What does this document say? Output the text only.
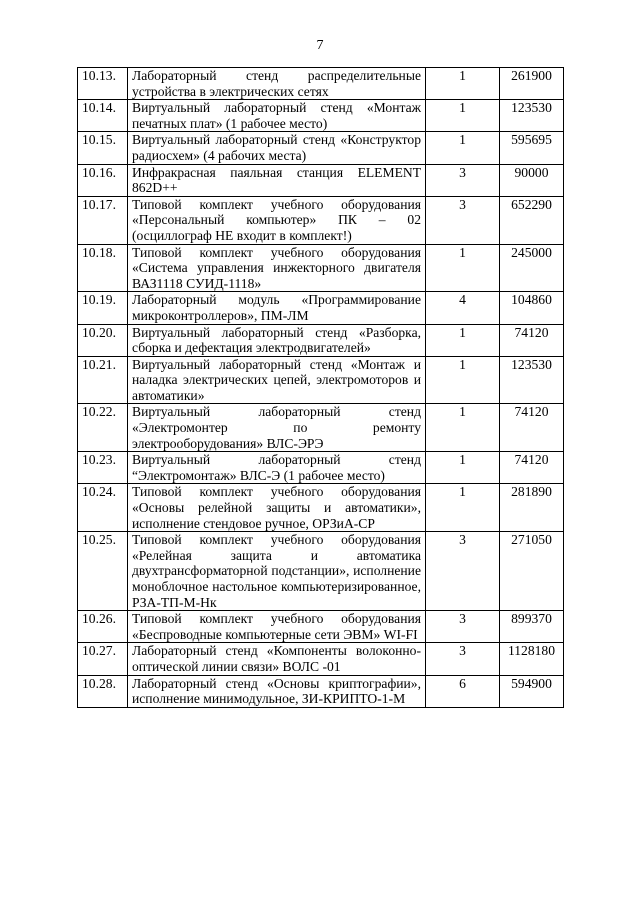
7
10.13.	Лабораторный стенд распределительные устройства в электрических сетях	1	261900
10.14.	Виртуальный лабораторный стенд «Монтаж печатных плат» (1 рабочее место)	1	123530
10.15.	Виртуальный лабораторный стенд «Конструктор радиосхем» (4 рабочих места)	1	595695
10.16.	Инфракрасная паяльная станция ELEMENT 862D++	3	90000
10.17.	Типовой комплект учебного оборудования «Персональный компьютер» ПК – 02 (осциллограф НЕ входит в комплект!)	3	652290
10.18.	Типовой комплект учебного оборудования «Система управления инжекторного двигателя ВАЗ1118 СУИД-1118»	1	245000
10.19.	Лабораторный модуль «Программирование микроконтроллеров», ПМ-ЛМ	4	104860
10.20.	Виртуальный лабораторный стенд «Разборка, сборка и дефектация электродвигателей»	1	74120
10.21.	Виртуальный лабораторный стенд «Монтаж и наладка электрических цепей, электромоторов и автоматики»	1	123530
10.22.	Виртуальный лабораторный стенд «Электромонтер по ремонту электрооборудования» ВЛС-ЭРЭ	1	74120
10.23.	Виртуальный лабораторный стенд “Электромонтаж» ВЛС-Э (1 рабочее место)	1	74120
10.24.	Типовой комплект учебного оборудования «Основы релейной защиты и автоматики», исполнение стендовое ручное, ОРЗиА-СР	1	281890
10.25.	Типовой комплект учебного оборудования «Релейная защита и автоматика двухтрансформаторной подстанции», исполнение моноблочное настольное компьютеризированное, РЗА-ТП-М-Нк	3	271050
10.26.	Типовой комплект учебного оборудования «Беспроводные компьютерные сети ЭВМ» WI-FI	3	899370
10.27.	Лабораторный стенд «Компоненты волоконно-оптической линии связи» ВОЛС -01	3	1128180
10.28.	Лабораторный стенд «Основы криптографии», исполнение минимодульное, ЗИ-КРИПТО-1-М	6	594900
